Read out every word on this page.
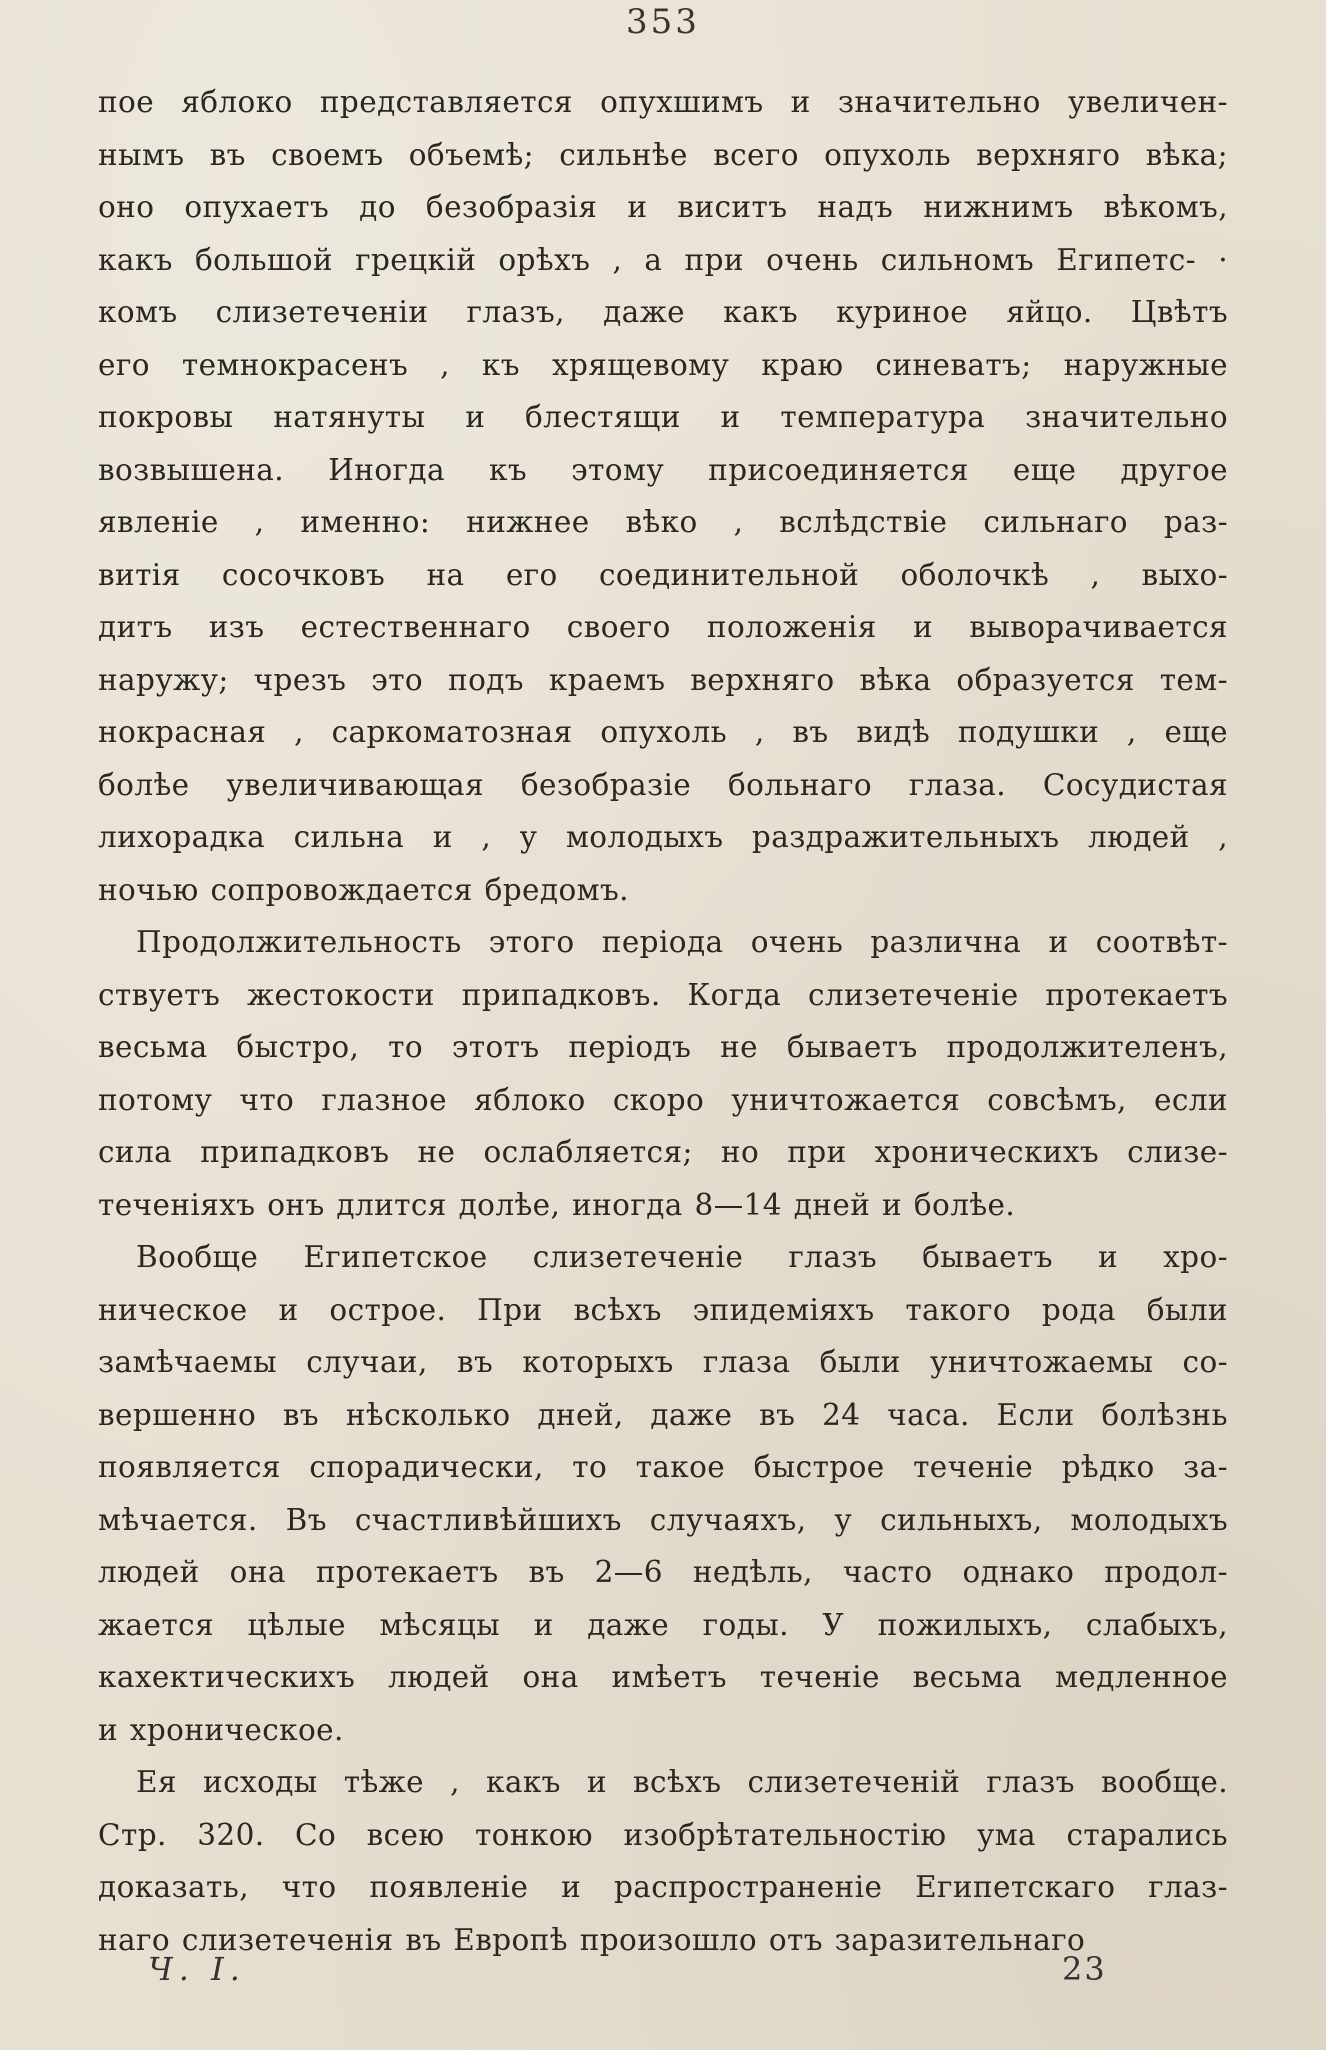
353
пое яблоко представляется опухшимъ и значительно увеличен-
нымъ въ своемъ объемѣ; сильнѣе всего опухоль верхняго вѣка;
оно опухаетъ до безобразія и виситъ надъ нижнимъ вѣкомъ,
какъ большой грецкій орѣхъ , а при очень сильномъ Египетс- ·
комъ слизетеченіи глазъ, даже какъ куриное яйцо. Цвѣтъ
его темнокрасенъ , къ хрящевому краю синеватъ; наружные
покровы натянуты и блестящи и температура значительно
возвышена. Иногда къ этому присоединяется еще другое
явленіе , именно: нижнее вѣко , вслѣдствіе сильнаго раз-
витія сосочковъ на его соединительной оболочкѣ , выхо-
дитъ изъ естественнаго своего положенія и выворачивается
наружу; чрезъ это подъ краемъ верхняго вѣка образуется тем-
нокрасная , саркоматозная опухоль , въ видѣ подушки , еще
болѣе увеличивающая безобразіе больнаго глаза. Сосудистая
лихорадка сильна и , у молодыхъ раздражительныхъ людей ,
ночью сопровождается бредомъ.
Продолжительность этого періода очень различна и соотвѣт-
ствуетъ жестокости припадковъ. Когда слизетеченіе протекаетъ
весьма быстро, то этотъ періодъ не бываетъ продолжителенъ,
потому что глазное яблоко скоро уничтожается совсѣмъ, если
сила припадковъ не ослабляется; но при хроническихъ слизе-
теченіяхъ онъ длится долѣе, иногда 8—14 дней и болѣе.
Вообще Египетское слизетеченіе глазъ бываетъ и хро-
ническое и острое. При всѣхъ эпидеміяхъ такого рода были
замѣчаемы случаи, въ которыхъ глаза были уничтожаемы со-
вершенно въ нѣсколько дней, даже въ 24 часа. Если болѣзнь
появляется спорадически, то такое быстрое теченіе рѣдко за-
мѣчается. Въ счастливѣйшихъ случаяхъ, у сильныхъ, молодыхъ
людей она протекаетъ въ 2—6 недѣль, часто однако продол-
жается цѣлые мѣсяцы и даже годы. У пожилыхъ, слабыхъ,
кахектическихъ людей она имѣетъ теченіе весьма медленное
и хроническое.
Ея исходы тѣже , какъ и всѣхъ слизетеченій глазъ вообще.
Стр. 320. Со всею тонкою изобрѣтательностію ума старались
доказать, что появленіе и распространеніе Египетскаго глаз-
наго слизетеченія въ Европѣ произошло отъ заразительнаго
Ч. I.	23
